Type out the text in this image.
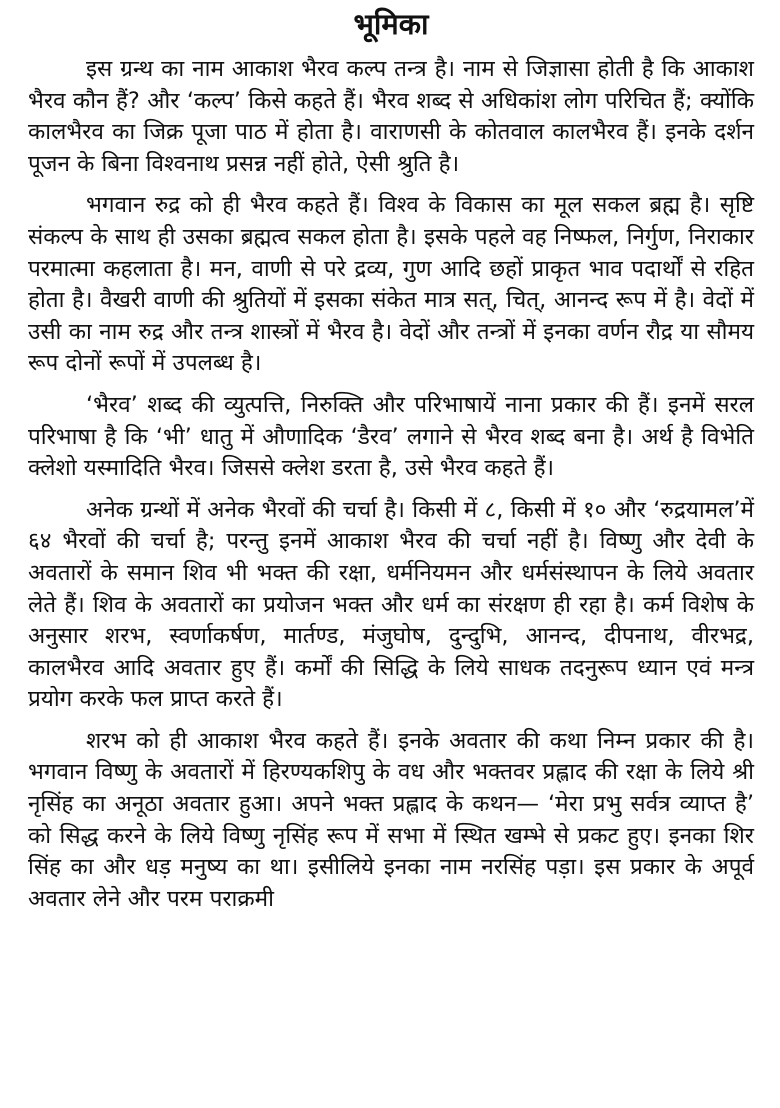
भूमिका

इस ग्रन्थ का नाम आकाश भैरव कल्प तन्त्र है। नाम से जिज्ञासा होती है कि आकाश भैरव कौन हैं? और ‘कल्प’ किसे कहते हैं। भैरव शब्द से अधिकांश लोग परिचित हैं; क्योंकि कालभैरव का जिक्र पूजा पाठ में होता है। वाराणसी के कोतवाल कालभैरव हैं। इनके दर्शन पूजन के बिना विश्वनाथ प्रसन्न नहीं होते, ऐसी श्रुति है।

भगवान रुद्र को ही भैरव कहते हैं। विश्व के विकास का मूल सकल ब्रह्म है। सृष्टि संकल्प के साथ ही उसका ब्रह्मत्व सकल होता है। इसके पहले वह निष्फल, निर्गुण, निराकार परमात्मा कहलाता है। मन, वाणी से परे द्रव्य, गुण आदि छहों प्राकृत भाव पदार्थों से रहित होता है। वैखरी वाणी की श्रुतियों में इसका संकेत मात्र सत्, चित्, आनन्द रूप में है। वेदों में उसी का नाम रुद्र और तन्त्र शास्त्रों में भैरव है। वेदों और तन्त्रों में इनका वर्णन रौद्र या सौमय रूप दोनों रूपों में उपलब्ध है।

‘भैरव’ शब्द की व्युत्पत्ति, निरुक्ति और परिभाषायें नाना प्रकार की हैं। इनमें सरल परिभाषा है कि ‘भी’ धातु में औणादिक ‘डैरव’ लगाने से भैरव शब्द बना है। अर्थ है विभेति क्लेशो यस्मादिति भैरव। जिससे क्लेश डरता है, उसे भैरव कहते हैं।

अनेक ग्रन्थों में अनेक भैरवों की चर्चा है। किसी में ८, किसी में १० और ‘रुद्रयामल’में ६४ भैरवों की चर्चा है; परन्तु इनमें आकाश भैरव की चर्चा नहीं है। विष्णु और देवी के अवतारों के समान शिव भी भक्त की रक्षा, धर्मनियमन और धर्मसंस्थापन के लिये अवतार लेते हैं। शिव के अवतारों का प्रयोजन भक्त और धर्म का संरक्षण ही रहा है। कर्म विशेष के अनुसार शरभ, स्वर्णाकर्षण, मार्तण्ड, मंजुघोष, दुन्दुभि, आनन्द, दीपनाथ, वीरभद्र, कालभैरव आदि अवतार हुए हैं। कर्मों की सिद्धि के लिये साधक तदनुरूप ध्यान एवं मन्त्र प्रयोग करके फल प्राप्त करते हैं।

शरभ को ही आकाश भैरव कहते हैं। इनके अवतार की कथा निम्न प्रकार की है। भगवान विष्णु के अवतारों में हिरण्यकशिपु के वध और भक्तवर प्रह्लाद की रक्षा के लिये श्री नृसिंह का अनूठा अवतार हुआ। अपने भक्त प्रह्लाद के कथन— ‘मेरा प्रभु सर्वत्र व्याप्त है’ को सिद्ध करने के लिये विष्णु नृसिंह रूप में सभा में स्थित खम्भे से प्रकट हुए। इनका शिर सिंह का और धड़ मनुष्य का था। इसीलिये इनका नाम नरसिंह पड़ा। इस प्रकार के अपूर्व अवतार लेने और परम पराक्रमी
